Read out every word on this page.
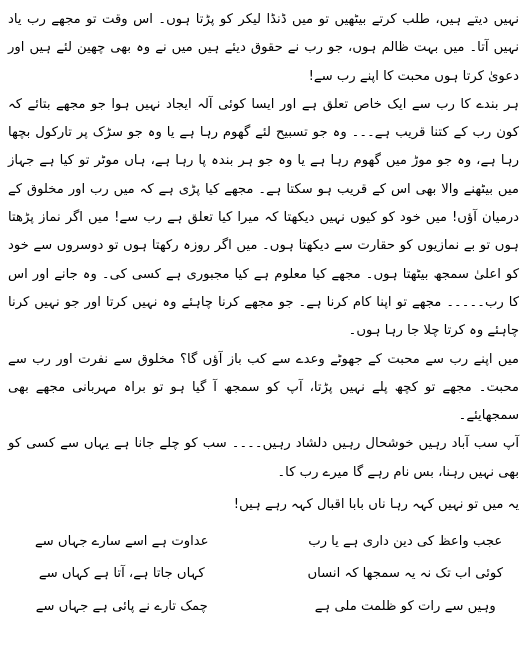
نہیں دیتے ہیں، طلب کرتے بیٹھیں تو میں ڈنڈا لیکر کو پڑتا ہوں۔ اس وقت تو مجھے رب یاد نہیں آتا۔ میں بہت ظالم ہوں، جو رب نے حقوق دیئے ہیں میں نے وہ بھی چھین لئے ہیں اور دعویٰ کرتا ہوں محبت کا اپنے رب سے!

ہر بندے کا رب سے ایک خاص تعلق ہے اور ایسا کوئی آلہ ایجاد نہیں ہوا جو مجھے بتائے کہ کون رب کے کتنا قریب ہے۔۔۔ وہ جو تسبیح لئے گھوم رہا ہے یا وہ جو سڑک پر تارکول بچھا رہا ہے، وہ جو موڑ میں گھوم رہا ہے یا وہ جو ہر بندہ پا رہا ہے، ہاں موٹر تو کیا ہے جہاز میں بیٹھنے والا بھی اس کے قریب ہو سکتا ہے۔ مجھے کیا پڑی ہے کہ میں رب اور مخلوق کے درمیان آؤں! میں خود کو کیوں نہیں دیکھتا کہ میرا کیا تعلق ہے رب سے! میں اگر نماز پڑھتا ہوں تو بے نمازیوں کو حقارت سے دیکھتا ہوں۔ میں اگر روزہ رکھتا ہوں تو دوسروں سے خود کو اعلیٰ سمجھ بیٹھتا ہوں۔ مجھے کیا معلوم ہے کیا مجبوری ہے کسی کی۔ وہ جانے اور اس کا رب۔۔۔۔۔ مجھے تو اپنا کام کرنا ہے۔ جو مجھے کرنا چاہئے وہ نہیں کرتا اور جو نہیں کرنا چاہئے وہ کرتا چلا جا رہا ہوں۔

میں اپنے رب سے محبت کے جھوٹے وعدے سے کب باز آؤں گا؟ مخلوق سے نفرت اور رب سے محبت۔ مجھے تو کچھ پلے نہیں پڑتا، آپ کو سمجھ آ گیا ہو تو براہ مہربانی مجھے بھی سمجھایئے۔

آپ سب آباد رہیں خوشحال رہیں دلشاد رہیں۔۔۔۔ سب کو چلے جانا ہے یہاں سے کسی کو بھی نہیں رہنا، بس نام رہے گا میرے رب کا۔

یہ میں تو نہیں کہہ رہا ناں بابا اقبال کہہ رہے ہیں!

عجب واعظ کی دین داری ہے یا رب
عداوت ہے اسے سارے جہاں سے
کوئی اب تک نہ یہ سمجھا کہ انساں
کہاں جاتا ہے، آتا ہے کہاں سے
وہیں سے رات کو ظلمت ملی ہے
چمک تارے نے پائی ہے جہاں سے
